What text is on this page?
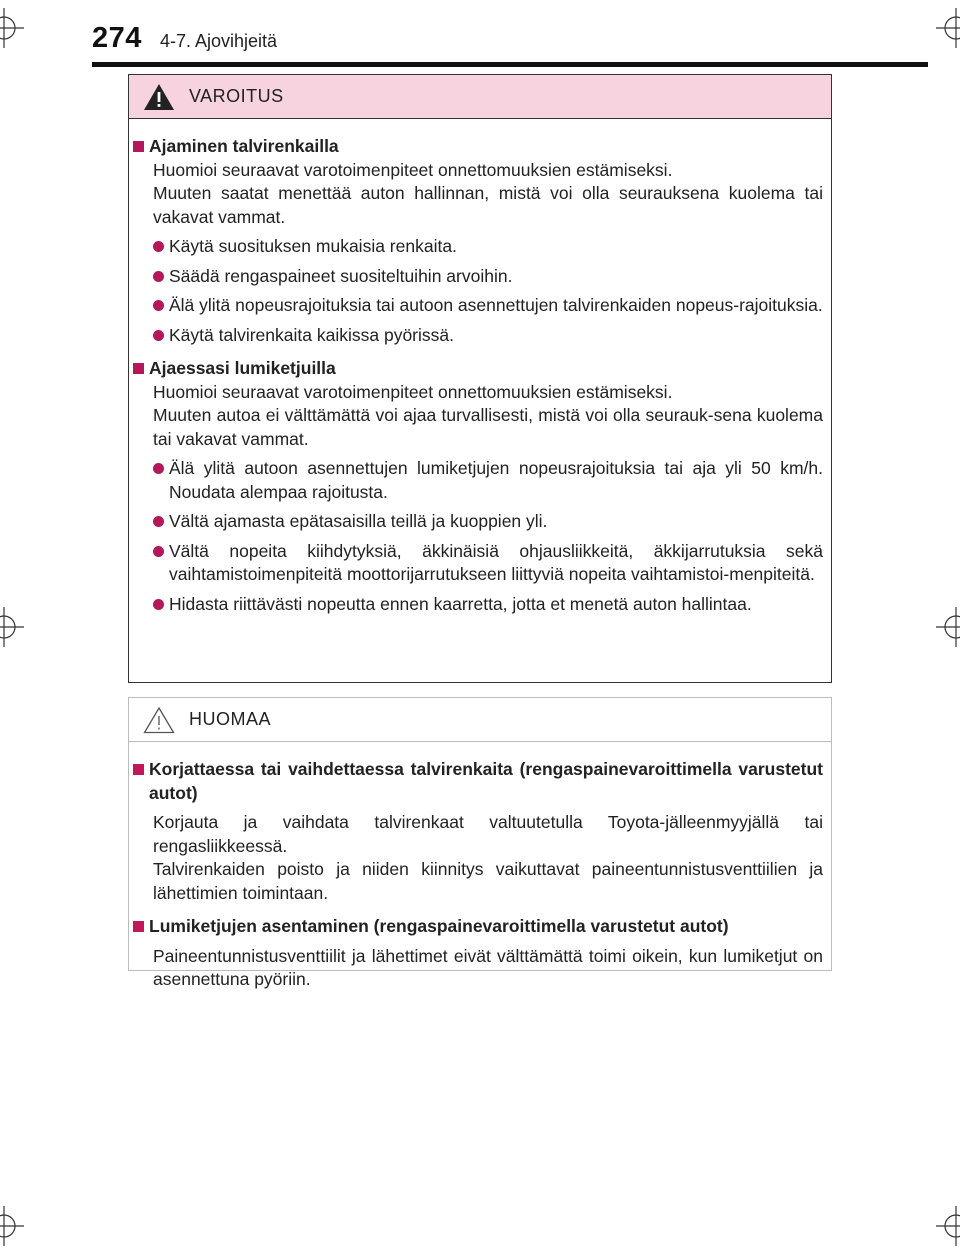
274 4-7. Ajovihjeitä
VAROITUS
Ajaminen talvirenkailla
Huomioi seuraavat varotoimenpiteet onnettomuuksien estämiseksi.
Muuten saatat menettää auton hallinnan, mistä voi olla seurauksena kuolema tai vakavat vammat.
Käytä suosituksen mukaisia renkaita.
Säädä rengaspaineet suositeltuihin arvoihin.
Älä ylitä nopeusrajoituksia tai autoon asennettujen talvirenkaiden nopeus-rajoituksia.
Käytä talvirenkaita kaikissa pyörissä.
Ajaessasi lumiketjuilla
Huomioi seuraavat varotoimenpiteet onnettomuuksien estämiseksi.
Muuten autoa ei välttämättä voi ajaa turvallisesti, mistä voi olla seurauk-sena kuolema tai vakavat vammat.
Älä ylitä autoon asennettujen lumiketjujen nopeusrajoituksia tai aja yli 50 km/h. Noudata alempaa rajoitusta.
Vältä ajamasta epätasaisilla teillä ja kuoppien yli.
Vältä nopeita kiihdytyksiä, äkkinäisiä ohjausliikkeitä, äkkijarrutuksia sekä vaihtamistoimenpiteitä moottorijarrutukseen liittyviä nopeita vaihtamistoi-menpiteitä.
Hidasta riittävästi nopeutta ennen kaarretta, jotta et menetä auton hallintaa.
HUOMAA
Korjattaessa tai vaihdettaessa talvirenkaita (rengaspainevaroittimella varustetut autot)
Korjauta ja vaihdata talvirenkaat valtuutetulla Toyota-jälleenmyyjällä tai rengasliikkeessä.
Talvirenkaiden poisto ja niiden kiinnitys vaikuttavat paineentunnistusventtiilien ja lähettimien toimintaan.
Lumiketjujen asentaminen (rengaspainevaroittimella varustetut autot)
Paineentunnistusventtiilit ja lähettimet eivät välttämättä toimi oikein, kun lumiketjut on asennettuna pyöriin.
